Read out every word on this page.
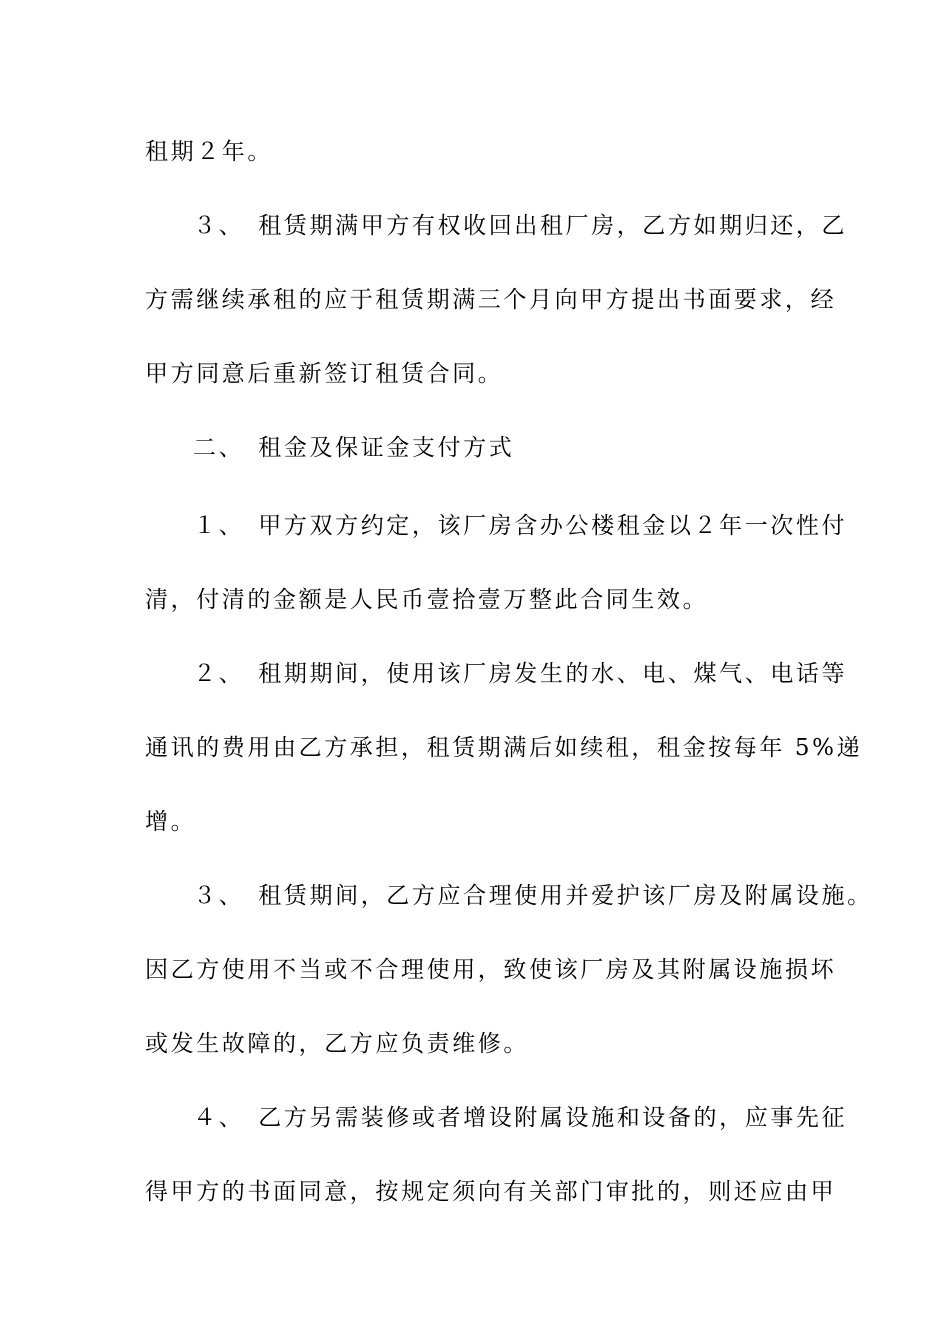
租期２年。
３、　租赁期满甲方有权收回出租厂房，乙方如期归还，乙
方需继续承租的应于租赁期满三个月向甲方提出书面要求，经
甲方同意后重新签订租赁合同。
二、　租金及保证金支付方式
１、　甲方双方约定，该厂房含办公楼租金以２年一次性付
清，付清的金额是人民币壹拾壹万整此合同生效。
２、　租期期间，使用该厂房发生的水、电、煤气、电话等
通讯的费用由乙方承担，租赁期满后如续租，租金按每年 5%递
增。
３、　租赁期间，乙方应合理使用并爱护该厂房及附属设施。
因乙方使用不当或不合理使用，致使该厂房及其附属设施损坏
或发生故障的，乙方应负责维修。
４、　乙方另需装修或者增设附属设施和设备的，应事先征
得甲方的书面同意，按规定须向有关部门审批的，则还应由甲
